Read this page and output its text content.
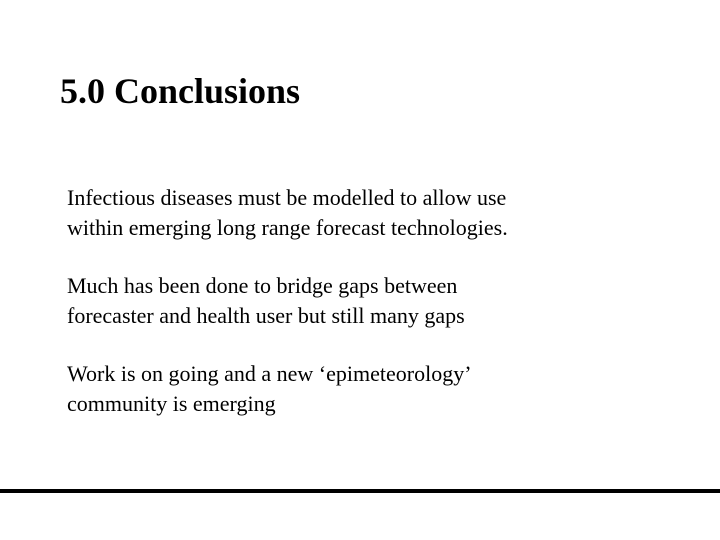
5.0 Conclusions

Infectious diseases must be modelled to allow use
within emerging long range forecast technologies.

Much has been done to bridge gaps between
forecaster and health user but still many gaps

Work is on going and a new ‘epimeteorology’
community is emerging
